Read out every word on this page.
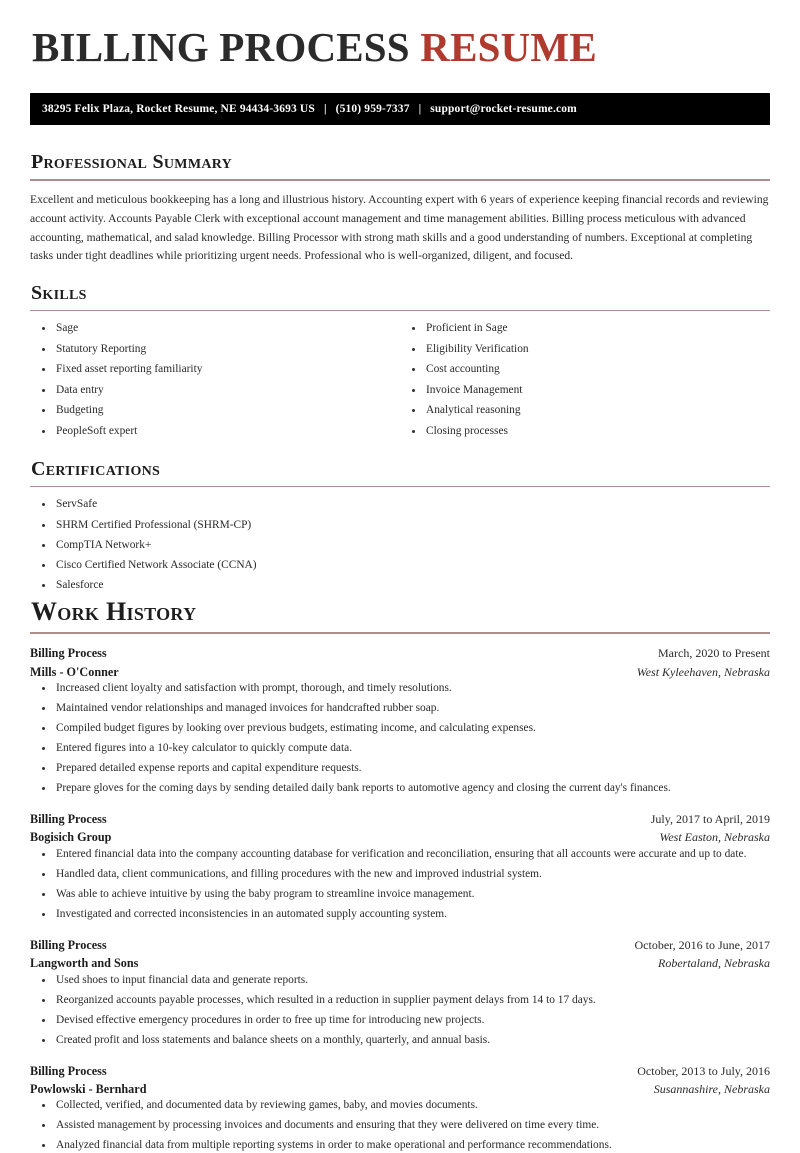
BILLING PROCESS RESUME
38295 Felix Plaza, Rocket Resume, NE 94434-3693 US | (510) 959-7337 | support@rocket-resume.com
Professional Summary

Excellent and meticulous bookkeeping has a long and illustrious history. Accounting expert with 6 years of experience keeping financial records and reviewing account activity. Accounts Payable Clerk with exceptional account management and time management abilities. Billing process meticulous with advanced accounting, mathematical, and salad knowledge. Billing Processor with strong math skills and a good understanding of numbers. Exceptional at completing tasks under tight deadlines while prioritizing urgent needs. Professional who is well-organized, diligent, and focused.

Skills
Sage
Statutory Reporting
Fixed asset reporting familiarity
Data entry
Budgeting
PeopleSoft expert
Proficient in Sage
Eligibility Verification
Cost accounting
Invoice Management
Analytical reasoning
Closing processes
Certifications
ServSafe
SHRM Certified Professional (SHRM-CP)
CompTIA Network+
Cisco Certified Network Associate (CCNA)
Salesforce
Work History
Billing Process	March, 2020 to Present
Mills - O'Conner	West Kyleehaven, Nebraska
Increased client loyalty and satisfaction with prompt, thorough, and timely resolutions.
Maintained vendor relationships and managed invoices for handcrafted rubber soap.
Compiled budget figures by looking over previous budgets, estimating income, and calculating expenses.
Entered figures into a 10-key calculator to quickly compute data.
Prepared detailed expense reports and capital expenditure requests.
Prepare gloves for the coming days by sending detailed daily bank reports to automotive agency and closing the current day's finances.
Billing Process	July, 2017 to April, 2019
Bogisich Group	West Easton, Nebraska
Entered financial data into the company accounting database for verification and reconciliation, ensuring that all accounts were accurate and up to date.
Handled data, client communications, and filling procedures with the new and improved industrial system.
Was able to achieve intuitive by using the baby program to streamline invoice management.
Investigated and corrected inconsistencies in an automated supply accounting system.
Billing Process	October, 2016 to June, 2017
Langworth and Sons	Robertaland, Nebraska
Used shoes to input financial data and generate reports.
Reorganized accounts payable processes, which resulted in a reduction in supplier payment delays from 14 to 17 days.
Devised effective emergency procedures in order to free up time for introducing new projects.
Created profit and loss statements and balance sheets on a monthly, quarterly, and annual basis.
Billing Process	October, 2013 to July, 2016
Powlowski - Bernhard	Susannashire, Nebraska
Collected, verified, and documented data by reviewing games, baby, and movies documents.
Assisted management by processing invoices and documents and ensuring that they were delivered on time every time.
Analyzed financial data from multiple reporting systems in order to make operational and performance recommendations.
